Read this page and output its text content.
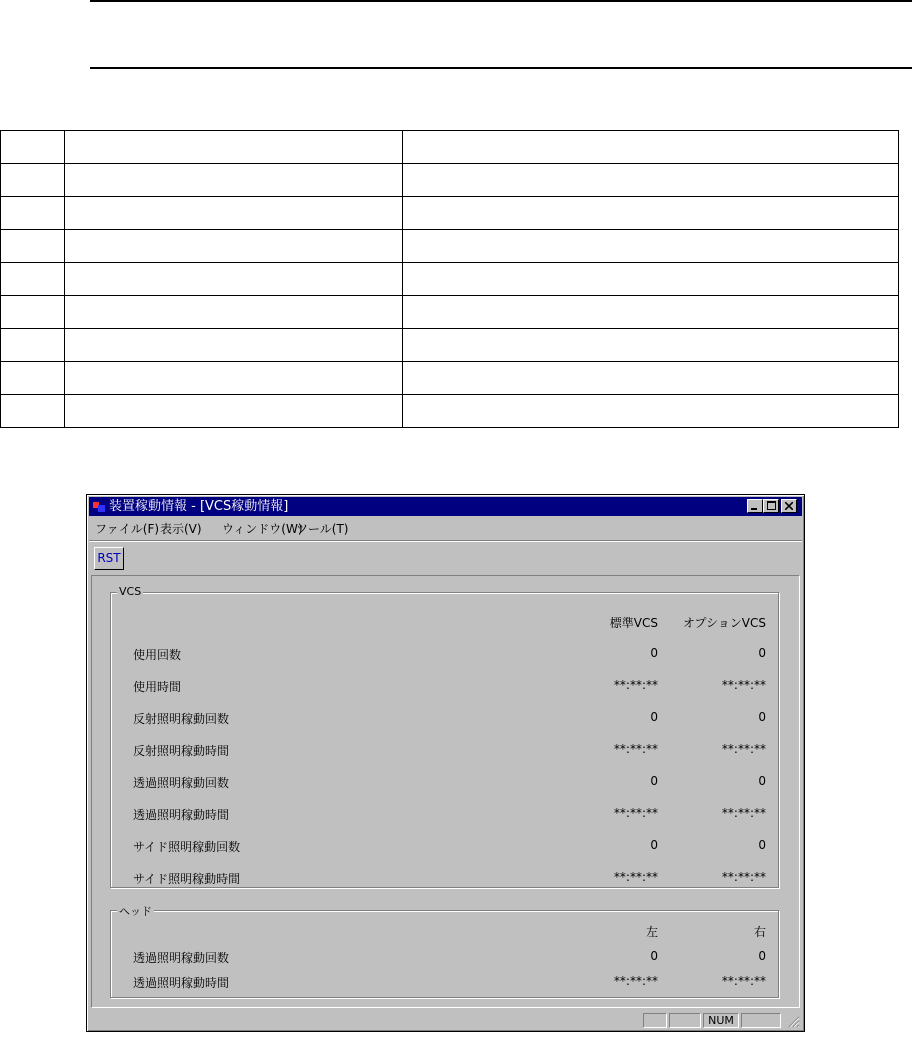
装置稼動情報 - [VCS稼動情報]
ファイル(F) 表示(V) ウィンドウ(W)
ツール(T)
RST
VCS
標準VCS オプションVCS
使用回数	0	0
使用時間	**:**:**	**:**:**
反射照明稼動回数	0	0
反射照明稼動時間	**:**:**	**:**:**
透過照明稼動回数	0	0
透過照明稼動時間	**:**:**	**:**:**
サイド照明稼動回数	0	0
サイド照明稼動時間	**:**:**	**:**:**
ヘッド
左	右
透過照明稼動回数	0	0
透過照明稼動時間	**:**:**	**:**:**
NUM
